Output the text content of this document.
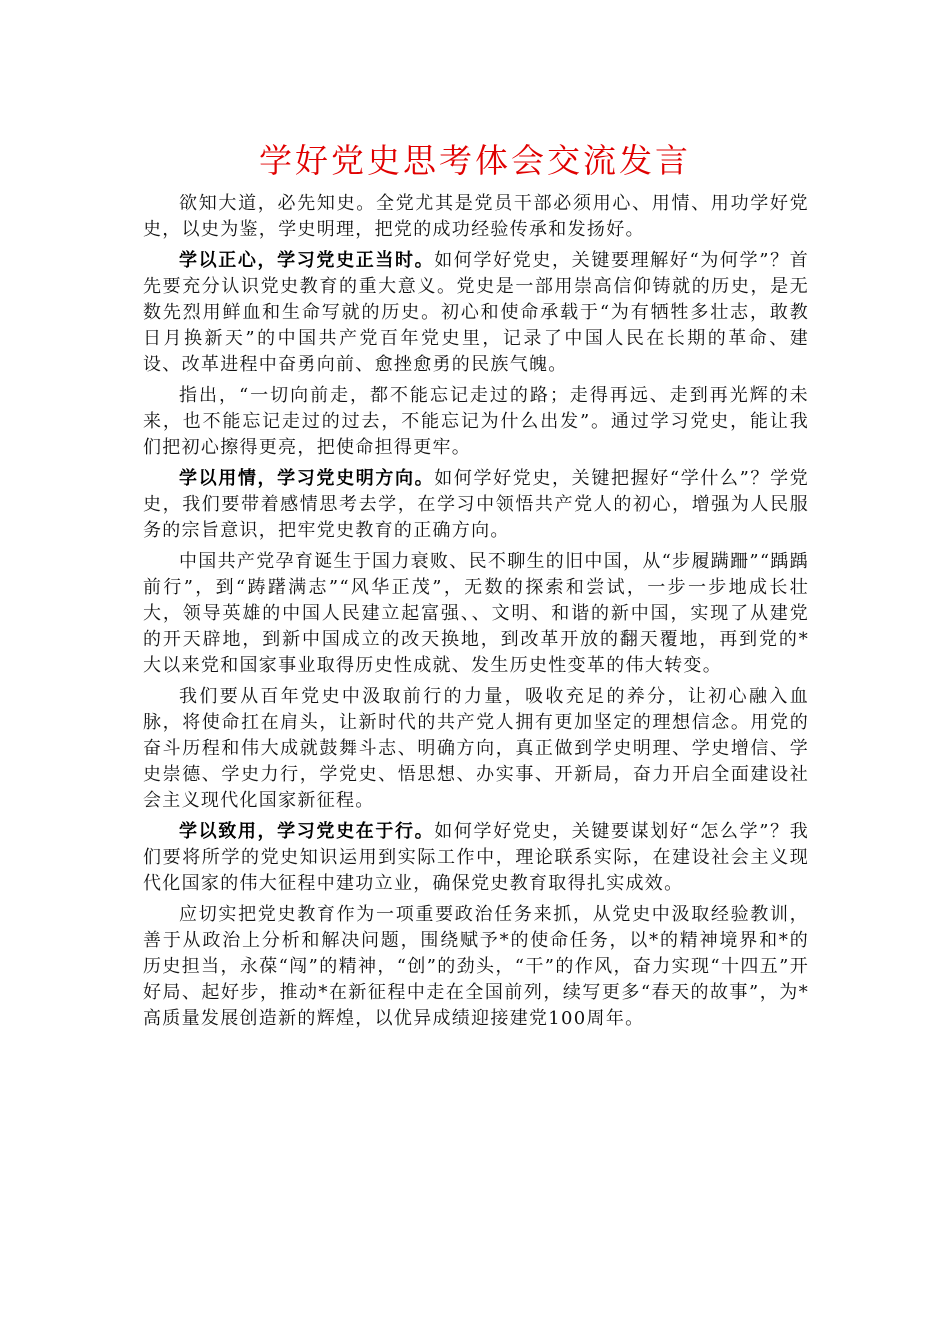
学好党史思考体会交流发言

欲知大道，必先知史。全党尤其是党员干部必须用心、用情、用功学好党史，以史为鉴，学史明理，把党的成功经验传承和发扬好。

学以正心，学习党史正当时。如何学好党史，关键要理解好“为何学”？首先要充分认识党史教育的重大意义。党史是一部用崇高信仰铸就的历史，是无数先烈用鲜血和生命写就的历史。初心和使命承载于“为有牺牲多壮志，敢教日月换新天”的中国共产党百年党史里，记录了中国人民在长期的革命、建设、改革进程中奋勇向前、愈挫愈勇的民族气魄。

指出，“一切向前走，都不能忘记走过的路；走得再远、走到再光辉的未来，也不能忘记走过的过去，不能忘记为什么出发”。通过学习党史，能让我们把初心擦得更亮，把使命担得更牢。

学以用情，学习党史明方向。如何学好党史，关键把握好“学什么”？学党史，我们要带着感情思考去学，在学习中领悟共产党人的初心，增强为人民服务的宗旨意识，把牢党史教育的正确方向。

中国共产党孕育诞生于国力衰败、民不聊生的旧中国，从“步履蹒跚”“踽踽前行”，到“踌躇满志”“风华正茂”，无数的探索和尝试，一步一步地成长壮大，领导英雄的中国人民建立起富强、、文明、和谐的新中国，实现了从建党的开天辟地，到新中国成立的改天换地，到改革开放的翻天覆地，再到党的*大以来党和国家事业取得历史性成就、发生历史性变革的伟大转变。

我们要从百年党史中汲取前行的力量，吸收充足的养分，让初心融入血脉，将使命扛在肩头，让新时代的共产党人拥有更加坚定的理想信念。用党的奋斗历程和伟大成就鼓舞斗志、明确方向，真正做到学史明理、学史增信、学史崇德、学史力行，学党史、悟思想、办实事、开新局，奋力开启全面建设社会主义现代化国家新征程。

学以致用，学习党史在于行。如何学好党史，关键要谋划好“怎么学”？我们要将所学的党史知识运用到实际工作中，理论联系实际，在建设社会主义现代化国家的伟大征程中建功立业，确保党史教育取得扎实成效。

应切实把党史教育作为一项重要政治任务来抓，从党史中汲取经验教训，善于从政治上分析和解决问题，围绕赋予*的使命任务，以*的精神境界和*的历史担当，永葆“闯”的精神，“创”的劲头，“干”的作风，奋力实现“十四五”开好局、起好步，推动*在新征程中走在全国前列，续写更多“春天的故事”，为*高质量发展创造新的辉煌，以优异成绩迎接建党100周年。
